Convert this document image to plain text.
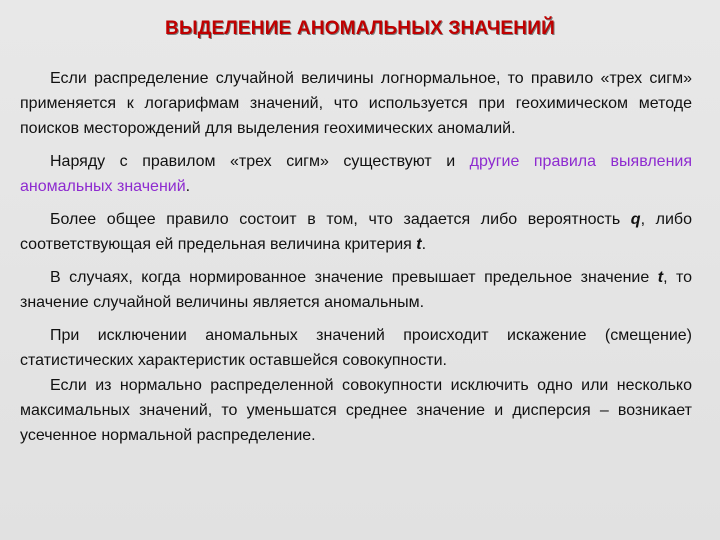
ВЫДЕЛЕНИЕ АНОМАЛЬНЫХ ЗНАЧЕНИЙ

Если распределение случайной величины логнормальное, то правило «трех сигм» применяется к логарифмам значений, что используется при геохимическом методе поисков месторождений для выделения геохимических аномалий.

Наряду с правилом «трех сигм» существуют и другие правила выявления аномальных значений.

Более общее правило состоит в том, что задается либо вероятность q, либо соответствующая ей предельная величина критерия t.

В случаях, когда нормированное значение превышает предельное значение t, то значение случайной величины является аномальным.

При исключении аномальных значений происходит искажение (смещение) статистических характеристик оставшейся совокупности.

Если из нормально распределенной совокупности исключить одно или несколько максимальных значений, то уменьшатся среднее значение и дисперсия – возникает усеченное нормальной распределение.
